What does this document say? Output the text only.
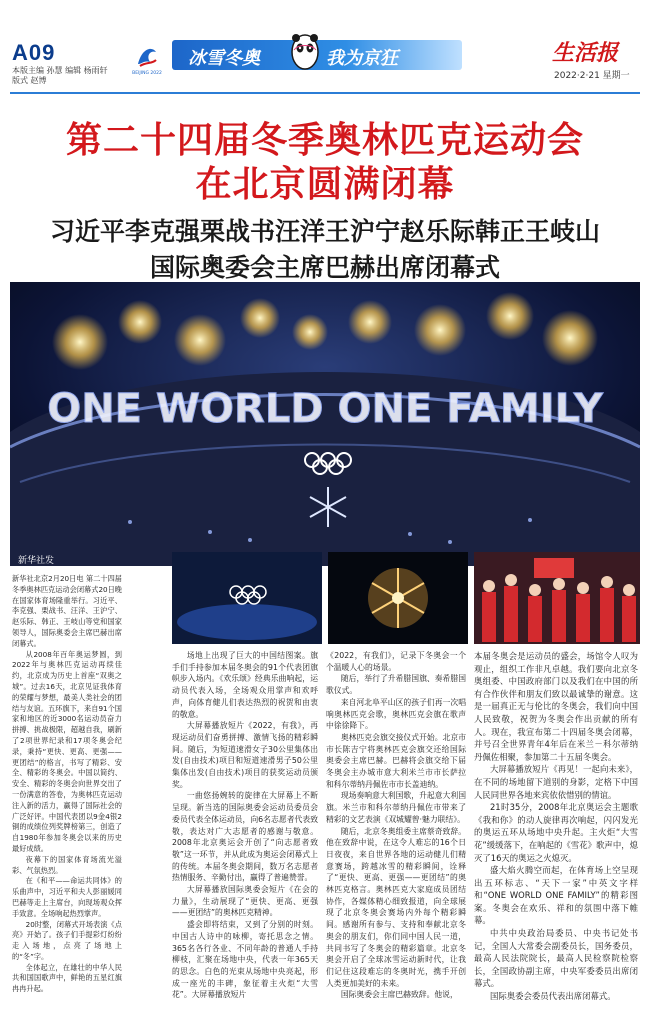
A09
本版主编 孙慧 编辑 杨雨轩
版式 赵博
BEIJING 2022
冰雪冬奥	我为京狂	生活报
2022·2·21 星期一
第二十四届冬季奥林匹克运动会
在北京圆满闭幕
习近平李克强栗战书汪洋王沪宁赵乐际韩正王岐山
国际奥委会主席巴赫出席闭幕式
ONE WORLD ONE FAMILY
新华社发

新华社北京2月20日电 第二十四届冬季奥林匹克运动会闭幕式20日晚在国家体育场隆重举行。习近平、李克强、栗战书、汪洋、王沪宁、赵乐际、韩正、王岐山等党和国家领导人，国际奥委会主席巴赫出席闭幕式。

从2008年百年奥运梦圆，到2022年与奥林匹克运动再续佳约，北京成为历史上首座“双奥之城”。过去16天，北京见证我体育的荣耀与梦想，最美人类社会的团结与友谊。五环旗下，来自91个国家和地区的近3000名运动员奋力拼搏、挑战极限，超越自我，刷新了2项世界纪录和17项冬奥会纪录，秉持“更快、更高、更强——更团结”的格言，书写了精彩、安全、精彩的冬奥会。中国以简约、安全、精彩的冬奥会向世界交出了一份满意的答卷，为奥林匹克运动注入新的活力，赢得了国际社会的广泛好评。中国代表团以9金4银2铜的成绩位列奖牌榜第三，创造了自1980年参加冬奥会以来的历史最好成绩。

夜幕下的国家体育场流光溢彩、气氛热烈。

在《和平——命运共同体》的乐曲声中，习近平和夫人彭丽媛同巴赫等走上主席台，向现场观众挥手致意。全场响起热烈掌声。

20时整，闭幕式开场表演《点亮》开始了。孩子们手提彩灯纷纷走入场地，点亮了场地上的“冬”字。

全体起立，在雄壮的中华人民共和国国歌声中，鲜艳的五星红旗冉冉升起。

场地上出现了巨大的中国结图案。旗手们手持参加本届冬奥会的91个代表团旗帜步入场内。《欢乐颂》经典乐曲响起，运动员代表入场，全场观众用掌声和欢呼声，向体育健儿们表达热烈的祝贺和由衷的敬意。

大屏幕播放短片《2022，有我》，再现运动员们奋勇拼搏、激情飞扬的精彩瞬间。随后，为短道速滑女子30公里集体出发(自由技术)项目和短道速滑男子50公里集体出发(自由技术)项目的获奖运动员颁奖。

一曲悠扬婉转的旋律在大屏幕上不断呈现。新当选的国际奥委会运动员委员会委员代表全体运动员，向6名志愿者代表致敬，表达对广大志愿者的感谢与敬意。2008年北京奥运会开创了“向志愿者致敬”这一环节，并从此成为奥运会闭幕式上的传统。本届冬奥会期间，数万名志愿者热情服务、辛勤付出，赢得了普遍赞誉。

大屏幕播放国际奥委会短片《在会的力量》，生动展现了“更快、更高、更强——更团结”的奥林匹克精神。

盛会即将结束，又到了分别的时刻。中国古人诗中的咏柳，寄托思念之情。365名各行各业、不同年龄的普通人手持柳枝，汇聚在场地中央，代表一年365天的思念。白色的光束从场地中央亮起，形成一座光的丰碑，象征着主火炬“大雪花”。大屏幕播放短片

《2022，有我们》，记录下冬奥会一个个温暖人心的场景。

随后，举行了升希腊国旗、奏希腊国歌仪式。

来自河北阜平山区的孩子们再一次唱响奥林匹克会歌，奥林匹克会旗在歌声中徐徐降下。

奥林匹克会旗交接仪式开始。北京市市长陈吉宁将奥林匹克会旗交还给国际奥委会主席巴赫。巴赫将会旗交给下届冬奥会主办城市意大利米兰市市长萨拉和科尔蒂纳丹佩佐市市长盖迪纳。

现场奏响意大利国歌，升起意大利国旗。米兰市和科尔蒂纳丹佩佐市带来了精彩的文艺表演《双城耀曾·魅力联结》。

随后，北京冬奥组委主席蔡奇致辞。他在致辞中说，在这令人难忘的16个日日夜夜，来自世界各地的运动健儿们精意赛场，跨越冰雪的精彩瞬间，诠释了“更快、更高、更强——更团结”的奥林匹克格言。奥林匹克大家庭成员团结协作，各媒体精心细致报道，向全球展现了北京冬奥会赛场内外每个精彩瞬间。感谢所有参与、支持和奉献北京冬奥会的朋友们，你们同中国人民一道，共同书写了冬奥会的精彩篇章。北京冬奥会开启了全球冰雪运动新时代，让我们记住这段难忘的冬奥时光，携手开创人类更加美好的未来。

国际奥委会主席巴赫致辞。他说，

本届冬奥会是运动员的盛会，场馆令人叹为观止，组织工作非凡卓越。我们要向北京冬奥组委、中国政府部门以及我们在中国的所有合作伙伴和朋友们致以最诚挚的谢意。这是一届真正无与伦比的冬奥会，我们向中国人民致敬，祝贺为冬奥会作出贡献的所有人。现在，我宣布第二十四届冬奥会闭幕，并号召全世界青年4年后在米兰－科尔蒂纳丹佩佐相聚，参加第二十五届冬奥会。

大屏幕播放短片《再见！一起向未来》，在不同的场地留下道别的身影，定格下中国人民同世界各地来宾依依惜别的情谊。

21时35分，2008年北京奥运会主题歌《我和你》的动人旋律再次响起，闪闪发光的奥运五环从场地中央升起。主火炬“大雪花”缓缓落下，在响起的《雪花》歌声中，熄灭了16天的奥运之火熄灭。

盛大焰火腾空而起，在体育场上空呈现出五环标志、“天下一家”中英文字样和“ONE WORLD ONE FAMILY”的精彩图案。冬奥会在欢乐、祥和的氛围中落下帷幕。

中共中央政治局委员、中央书记处书记，全国人大常委会副委员长，国务委员，最高人民法院院长，最高人民检察院检察长，全国政协副主席，中央军委委员出席闭幕式。

国际奥委会委员代表出席闭幕式。
